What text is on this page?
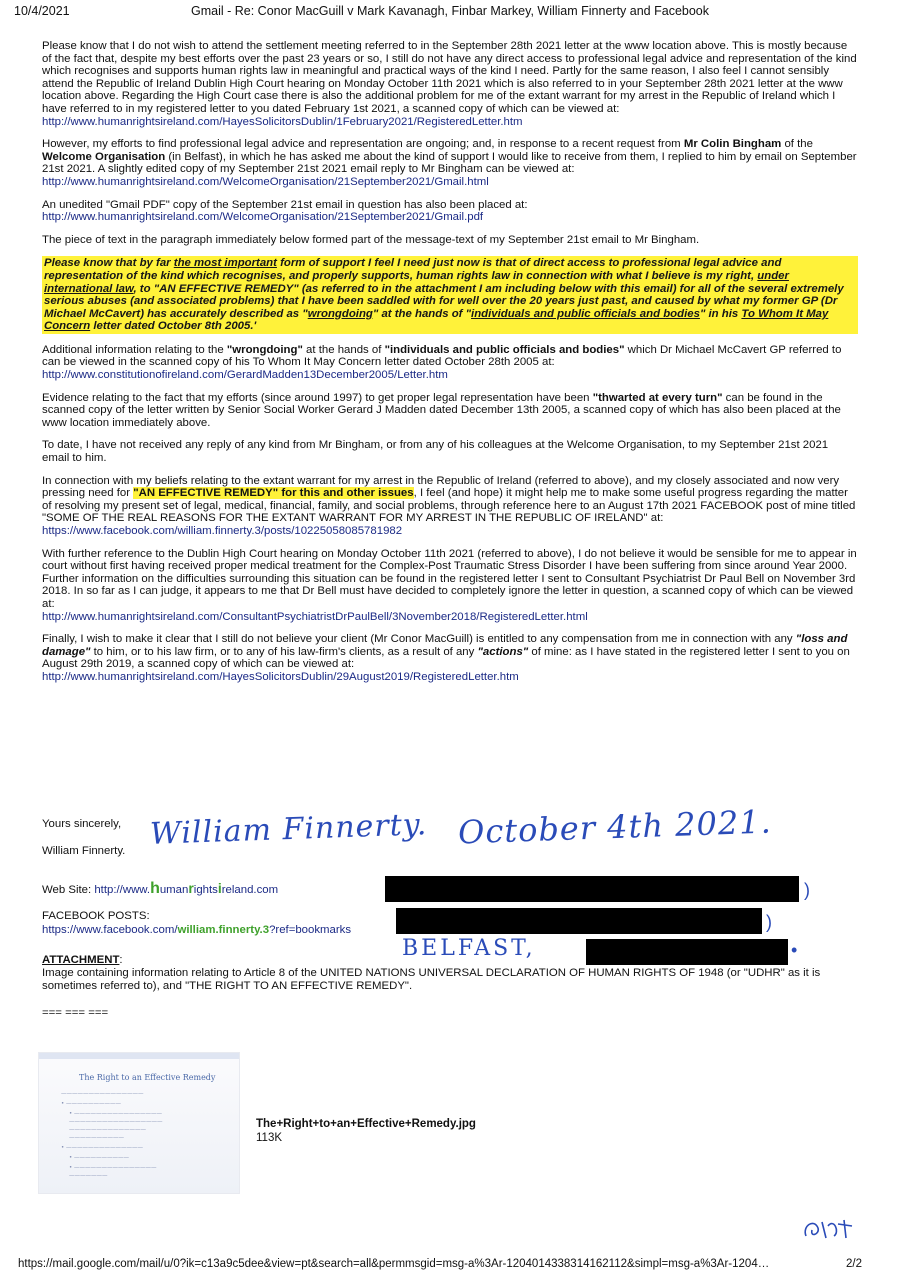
10/4/2021	Gmail - Re: Conor MacGuill v Mark Kavanagh, Finbar Markey, William Finnerty and Facebook

Please know that I do not wish to attend the settlement meeting referred to in the September 28th 2021 letter at the www location above. This is mostly because of the fact that, despite my best efforts over the past 23 years or so, I still do not have any direct access to professional legal advice and representation of the kind which recognises and supports human rights law in meaningful and practical ways of the kind I need. Partly for the same reason, I also feel I cannot sensibly attend the Republic of Ireland Dublin High Court hearing on Monday October 11th 2021 which is also referred to in your September 28th 2021 letter at the www location above. Regarding the High Court case there is also the additional problem for me of the extant warrant for my arrest in the Republic of Ireland which I have referred to in my registered letter to you dated February 1st 2021, a scanned copy of which can be viewed at:
http://www.humanrightsireland.com/HayesSolicitorsDublin/1February2021/RegisteredLetter.htm

However, my efforts to find professional legal advice and representation are ongoing; and, in response to a recent request from Mr Colin Bingham of the Welcome Organisation (in Belfast), in which he has asked me about the kind of support I would like to receive from them, I replied to him by email on September 21st 2021. A slightly edited copy of my September 21st 2021 email reply to Mr Bingham can be viewed at:
http://www.humanrightsireland.com/WelcomeOrganisation/21September2021/Gmail.html

An unedited "Gmail PDF" copy of the September 21st email in question has also been placed at:
http://www.humanrightsireland.com/WelcomeOrganisation/21September2021/Gmail.pdf

The piece of text in the paragraph immediately below formed part of the message-text of my September 21st email to Mr Bingham.

Please know that by far the most important form of support I feel I need just now is that of direct access to professional legal advice and representation of the kind which recognises, and properly supports, human rights law in connection with what I believe is my right, under international law, to "AN EFFECTIVE REMEDY" (as referred to in the attachment I am including below with this email) for all of the several extremely serious abuses (and associated problems) that I have been saddled with for well over the 20 years just past, and caused by what my former GP (Dr Michael McCavert) has accurately described as "wrongdoing" at the hands of "individuals and public officials and bodies" in his To Whom It May Concern letter dated October 8th 2005.'

Additional information relating to the "wrongdoing" at the hands of "individuals and public officials and bodies" which Dr Michael McCavert GP referred to can be viewed in the scanned copy of his To Whom It May Concern letter dated October 28th 2005 at:
http://www.constitutionofireland.com/GerardMadden13December2005/Letter.htm

Evidence relating to the fact that my efforts (since around 1997) to get proper legal representation have been "thwarted at every turn" can be found in the scanned copy of the letter written by Senior Social Worker Gerard J Madden dated December 13th 2005, a scanned copy of which has also been placed at the www location immediately above.

To date, I have not received any reply of any kind from Mr Bingham, or from any of his colleagues at the Welcome Organisation, to my September 21st 2021 email to him.

In connection with my beliefs relating to the extant warrant for my arrest in the Republic of Ireland (referred to above), and my closely associated and now very pressing need for "AN EFFECTIVE REMEDY" for this and other issues, I feel (and hope) it might help me to make some useful progress regarding the matter of resolving my present set of legal, medical, financial, family, and social problems, through reference here to an August 17th 2021 FACEBOOK post of mine titled
"SOME OF THE REAL REASONS FOR THE EXTANT WARRANT FOR MY ARREST IN THE REPUBLIC OF IRELAND" at:
https://www.facebook.com/william.finnerty.3/posts/10225058085781982

With further reference to the Dublin High Court hearing on Monday October 11th 2021 (referred to above), I do not believe it would be sensible for me to appear in court without first having received proper medical treatment for the Complex-Post Traumatic Stress Disorder I have been suffering from since around Year 2000. Further information on the difficulties surrounding this situation can be found in the registered letter I sent to Consultant Psychiatrist Dr Paul Bell on November 3rd 2018. In so far as I can judge, it appears to me that Dr Bell must have decided to completely ignore the letter in question, a scanned copy of which can be viewed at:
http://www.humanrightsireland.com/ConsultantPsychiatristDrPaulBell/3November2018/RegisteredLetter.html

Finally, I wish to make it clear that I still do not believe your client (Mr Conor MacGuill) is entitled to any compensation from me in connection with any "loss and damage" to him, or to his law firm, or to any of his law-firm's clients, as a result of any "actions" of mine: as I have stated in the registered letter I sent to you on August 29th 2019, a scanned copy of which can be viewed at:
http://www.humanrightsireland.com/HayesSolicitorsDublin/29August2019/RegisteredLetter.htm

Yours sincerely,
William Finnerty. William Finnerty. October 4th 2021.
Web Site: http://www.humanrightsireland.com
FACEBOOK POSTS:
https://www.facebook.com/william.finnerty.3?ref=bookmarks
)
)
BELFAST,	•
ATTACHMENT:
Image containing information relating to Article 8 of the UNITED NATIONS UNIVERSAL DECLARATION OF HUMAN RIGHTS OF 1948 (or "UDHR" as it is sometimes referred to), and "THE RIGHT TO AN EFFECTIVE REMEDY".
=== === ===
The Right to an Effective Remedy
———————————————
• ——————————
• ————————————————
—————————————————
——————————————
——————————
• ——————————————
• ——————————
• ———————————————
———————
The+Right+to+an+Effective+Remedy.jpg
113K
https://mail.google.com/mail/u/0?ik=c13a9c5dee&view=pt&search=all&permmsgid=msg-a%3Ar-1204014338314162112&simpl=msg-a%3Ar-1204…	2/2
